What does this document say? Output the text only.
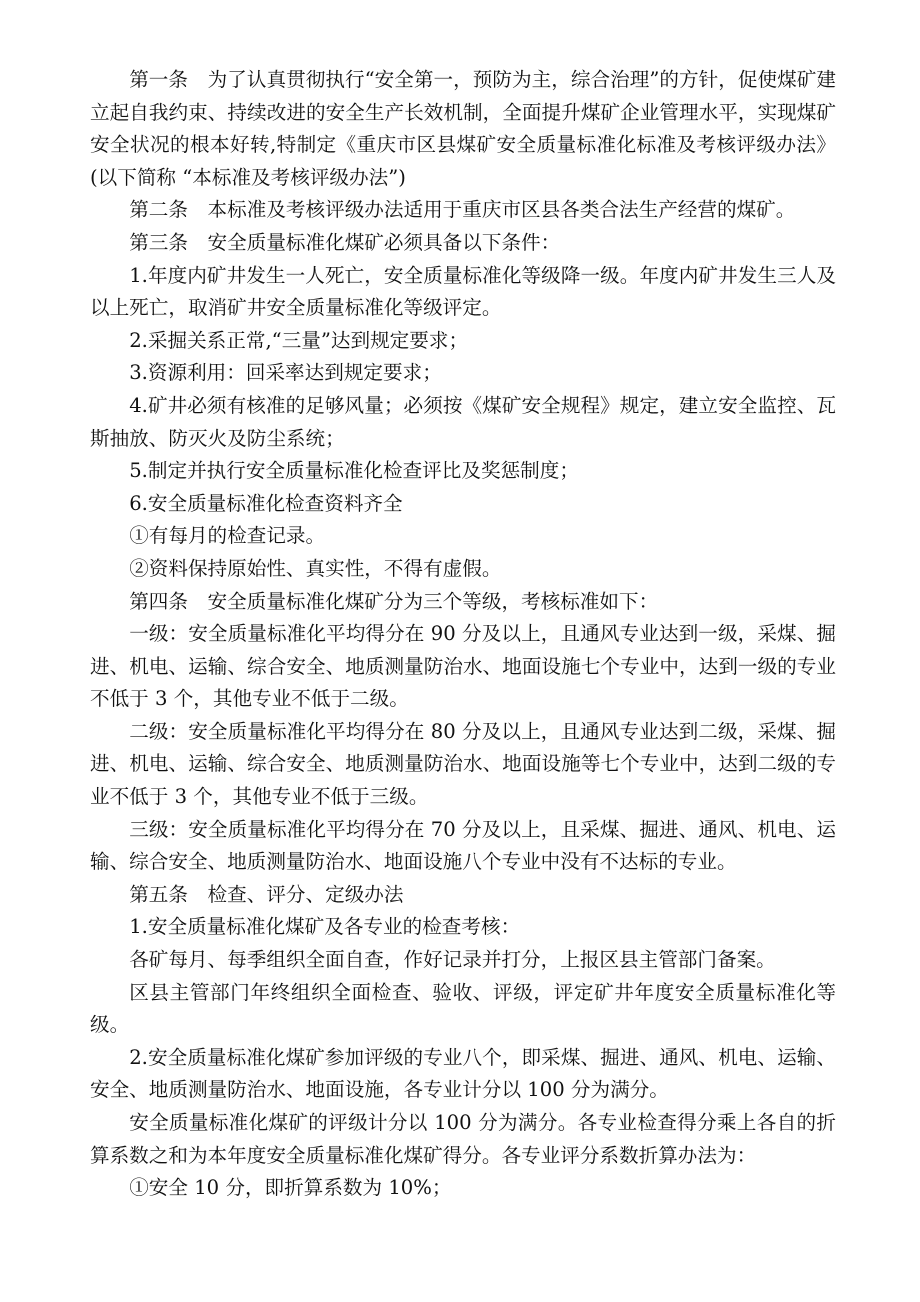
第一条　为了认真贯彻执行“安全第一，预防为主，综合治理”的方针，促使煤矿建立起自我约束、持续改进的安全生产长效机制，全面提升煤矿企业管理水平，实现煤矿安全状况的根本好转,特制定《重庆市区县煤矿安全质量标准化标准及考核评级办法》(以下简称 “本标准及考核评级办法”)

第二条　本标准及考核评级办法适用于重庆市区县各类合法生产经营的煤矿。

第三条　安全质量标准化煤矿必须具备以下条件：

1.年度内矿井发生一人死亡，安全质量标准化等级降一级。年度内矿井发生三人及以上死亡，取消矿井安全质量标准化等级评定。

2.采掘关系正常,“三量”达到规定要求；

3.资源利用：回采率达到规定要求；

4.矿井必须有核准的足够风量；必须按《煤矿安全规程》规定，建立安全监控、瓦斯抽放、防灭火及防尘系统；

5.制定并执行安全质量标准化检查评比及奖惩制度；

6.安全质量标准化检查资料齐全

①有每月的检查记录。

②资料保持原始性、真实性，不得有虚假。

第四条　安全质量标准化煤矿分为三个等级，考核标准如下：

一级：安全质量标准化平均得分在 90 分及以上，且通风专业达到一级，采煤、掘进、机电、运输、综合安全、地质测量防治水、地面设施七个专业中，达到一级的专业不低于 3 个，其他专业不低于二级。

二级：安全质量标准化平均得分在 80 分及以上，且通风专业达到二级，采煤、掘进、机电、运输、综合安全、地质测量防治水、地面设施等七个专业中，达到二级的专业不低于 3 个，其他专业不低于三级。

三级：安全质量标准化平均得分在 70 分及以上，且采煤、掘进、通风、机电、运输、综合安全、地质测量防治水、地面设施八个专业中没有不达标的专业。

第五条　检查、评分、定级办法

1.安全质量标准化煤矿及各专业的检查考核：

各矿每月、每季组织全面自查，作好记录并打分，上报区县主管部门备案。

区县主管部门年终组织全面检查、验收、评级，评定矿井年度安全质量标准化等级。

2.安全质量标准化煤矿参加评级的专业八个，即采煤、掘进、通风、机电、运输、安全、地质测量防治水、地面设施，各专业计分以 100 分为满分。

安全质量标准化煤矿的评级计分以 100 分为满分。各专业检查得分乘上各自的折算系数之和为本年度安全质量标准化煤矿得分。各专业评分系数折算办法为：

①安全 10 分，即折算系数为 10%；
